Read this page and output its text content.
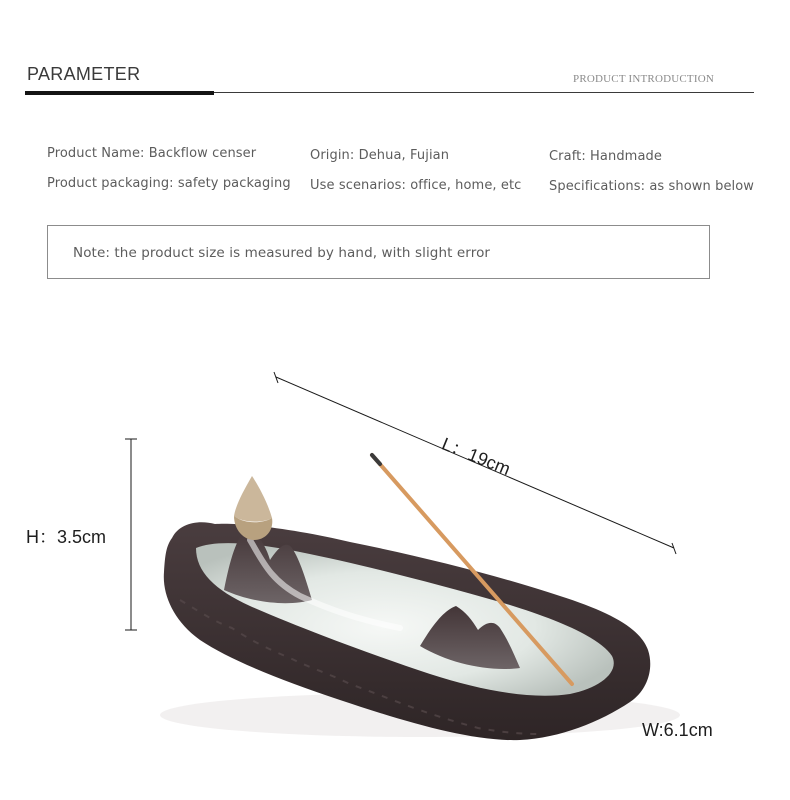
PARAMETER	PRODUCT INTRODUCTION
Product Name: Backflow censer	Origin: Dehua, Fujian	Craft: Handmade
Product packaging: safety packaging Use scenarios: office, home, etc Specifications: as shown below
Note: the product size is measured by hand, with slight error
H：3.5cm
L：19cm
W:6.1cm
